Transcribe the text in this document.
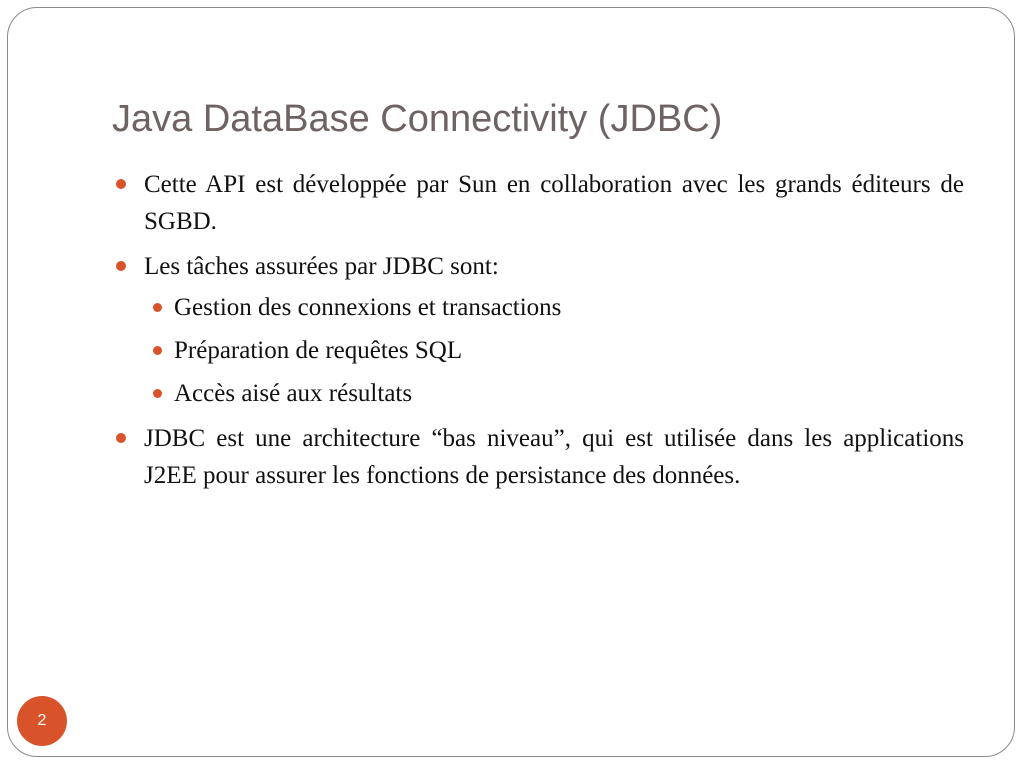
Java DataBase Connectivity (JDBC)
Cette API est développée par Sun en collaboration avec les grands éditeurs de SGBD.
Les tâches assurées par JDBC sont:
Gestion des connexions et transactions
Préparation de requêtes SQL
Accès aisé aux résultats
JDBC est une architecture “bas niveau”, qui est utilisée dans les applications J2EE pour assurer les fonctions de persistance des données.
2
